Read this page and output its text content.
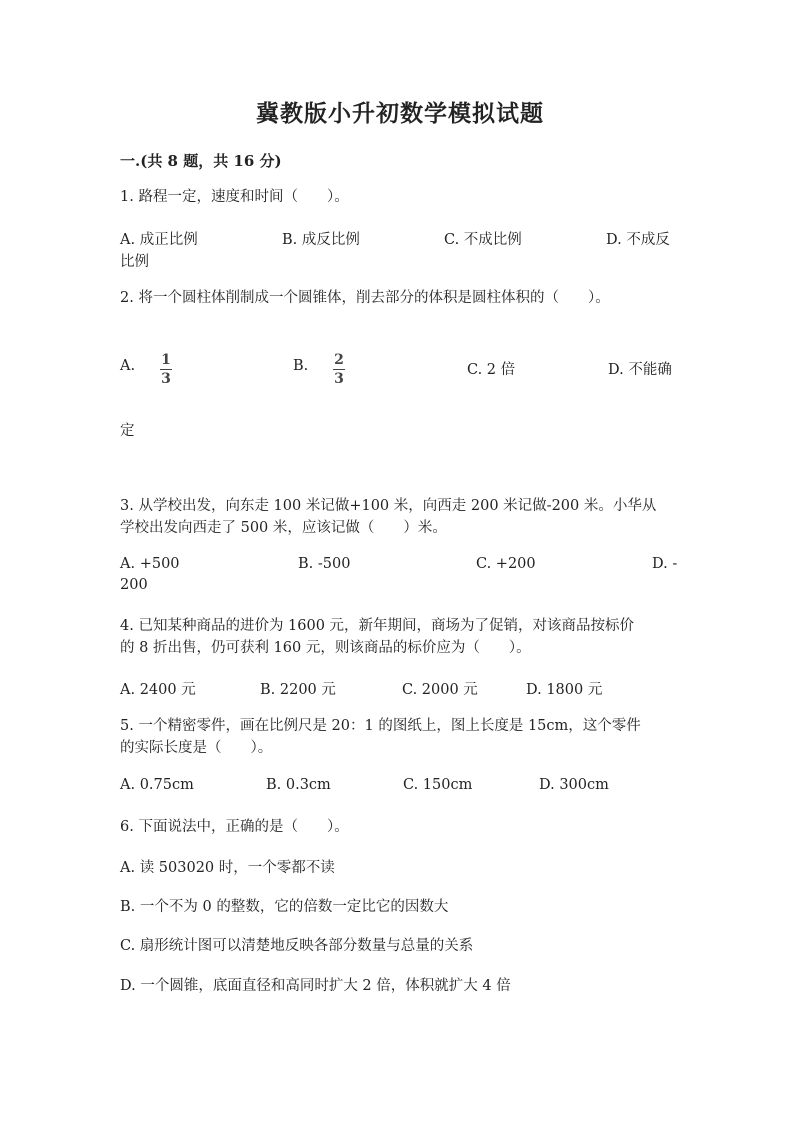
冀教版小升初数学模拟试题
一.(共 8 题，共 16 分)
1. 路程一定，速度和时间（　　）。
A. 成正比例	B. 成反比例	C. 不成比例	D. 不成反
比例
2. 将一个圆柱体削制成一个圆锥体，削去部分的体积是圆柱体积的（　　）。
A. 1
3
B. 2
3
C. 2 倍	D. 不能确
定
3. 从学校出发，向东走 100 米记做+100 米，向西走 200 米记做-200 米。小华从
学校出发向西走了 500 米，应该记做（　　）米。
A. +500	B. -500	C. +200	D. -
200
4. 已知某种商品的进价为 1600 元，新年期间，商场为了促销，对该商品按标价
的 8 折出售，仍可获利 160 元，则该商品的标价应为（　　）。
A. 2400 元	B. 2200 元	C. 2000 元	D. 1800 元
5. 一个精密零件，画在比例尺是 20：1 的图纸上，图上长度是 15cm，这个零件
的实际长度是（　　）。
A. 0.75cm	B. 0.3cm	C. 150cm	D. 300cm
6. 下面说法中，正确的是（　　）。
A. 读 503020 时，一个零都不读
B. 一个不为 0 的整数，它的倍数一定比它的因数大
C. 扇形统计图可以清楚地反映各部分数量与总量的关系
D. 一个圆锥，底面直径和高同时扩大 2 倍，体积就扩大 4 倍
